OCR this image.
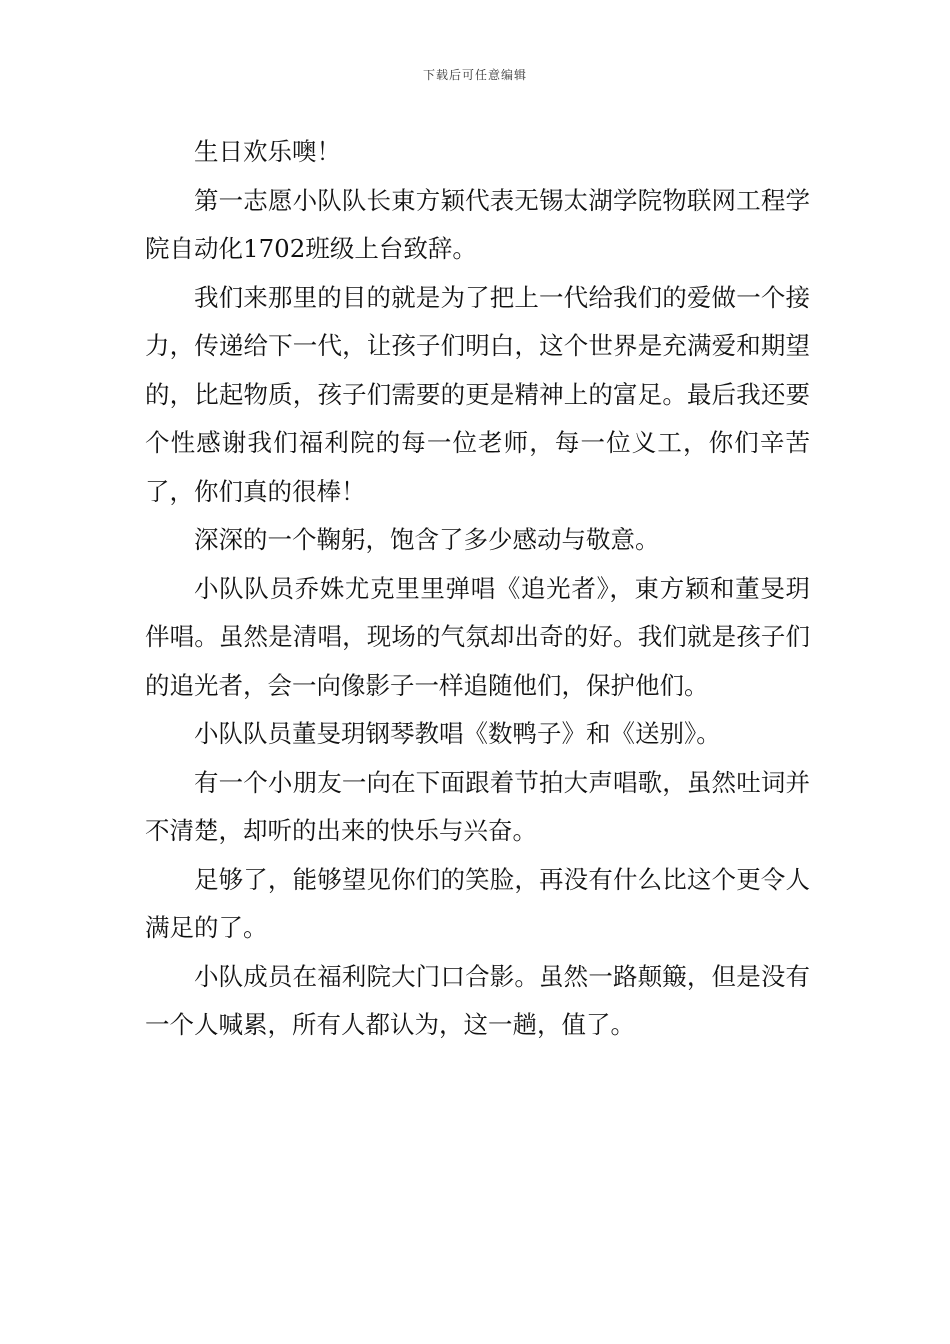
下载后可任意编辑

生日欢乐噢！

第一志愿小队队长東方颖代表无锡太湖学院物联网工程学院自动化1702班级上台致辞。

我们来那里的目的就是为了把上一代给我们的爱做一个接力，传递给下一代，让孩子们明白，这个世界是充满爱和期望的，比起物质，孩子们需要的更是精神上的富足。最后我还要个性感谢我们福利院的每一位老师，每一位义工，你们辛苦了，你们真的很棒！

深深的一个鞠躬，饱含了多少感动与敬意。

小队队员乔姝尤克里里弹唱《追光者》，東方颖和董旻玥伴唱。虽然是清唱，现场的气氛却出奇的好。我们就是孩子们的追光者，会一向像影子一样追随他们，保护他们。

小队队员董旻玥钢琴教唱《数鸭子》和《送别》。

有一个小朋友一向在下面跟着节拍大声唱歌，虽然吐词并不清楚，却听的出来的快乐与兴奋。

足够了，能够望见你们的笑脸，再没有什么比这个更令人满足的了。

小队成员在福利院大门口合影。虽然一路颠簸，但是没有一个人喊累，所有人都认为，这一趟，值了。
